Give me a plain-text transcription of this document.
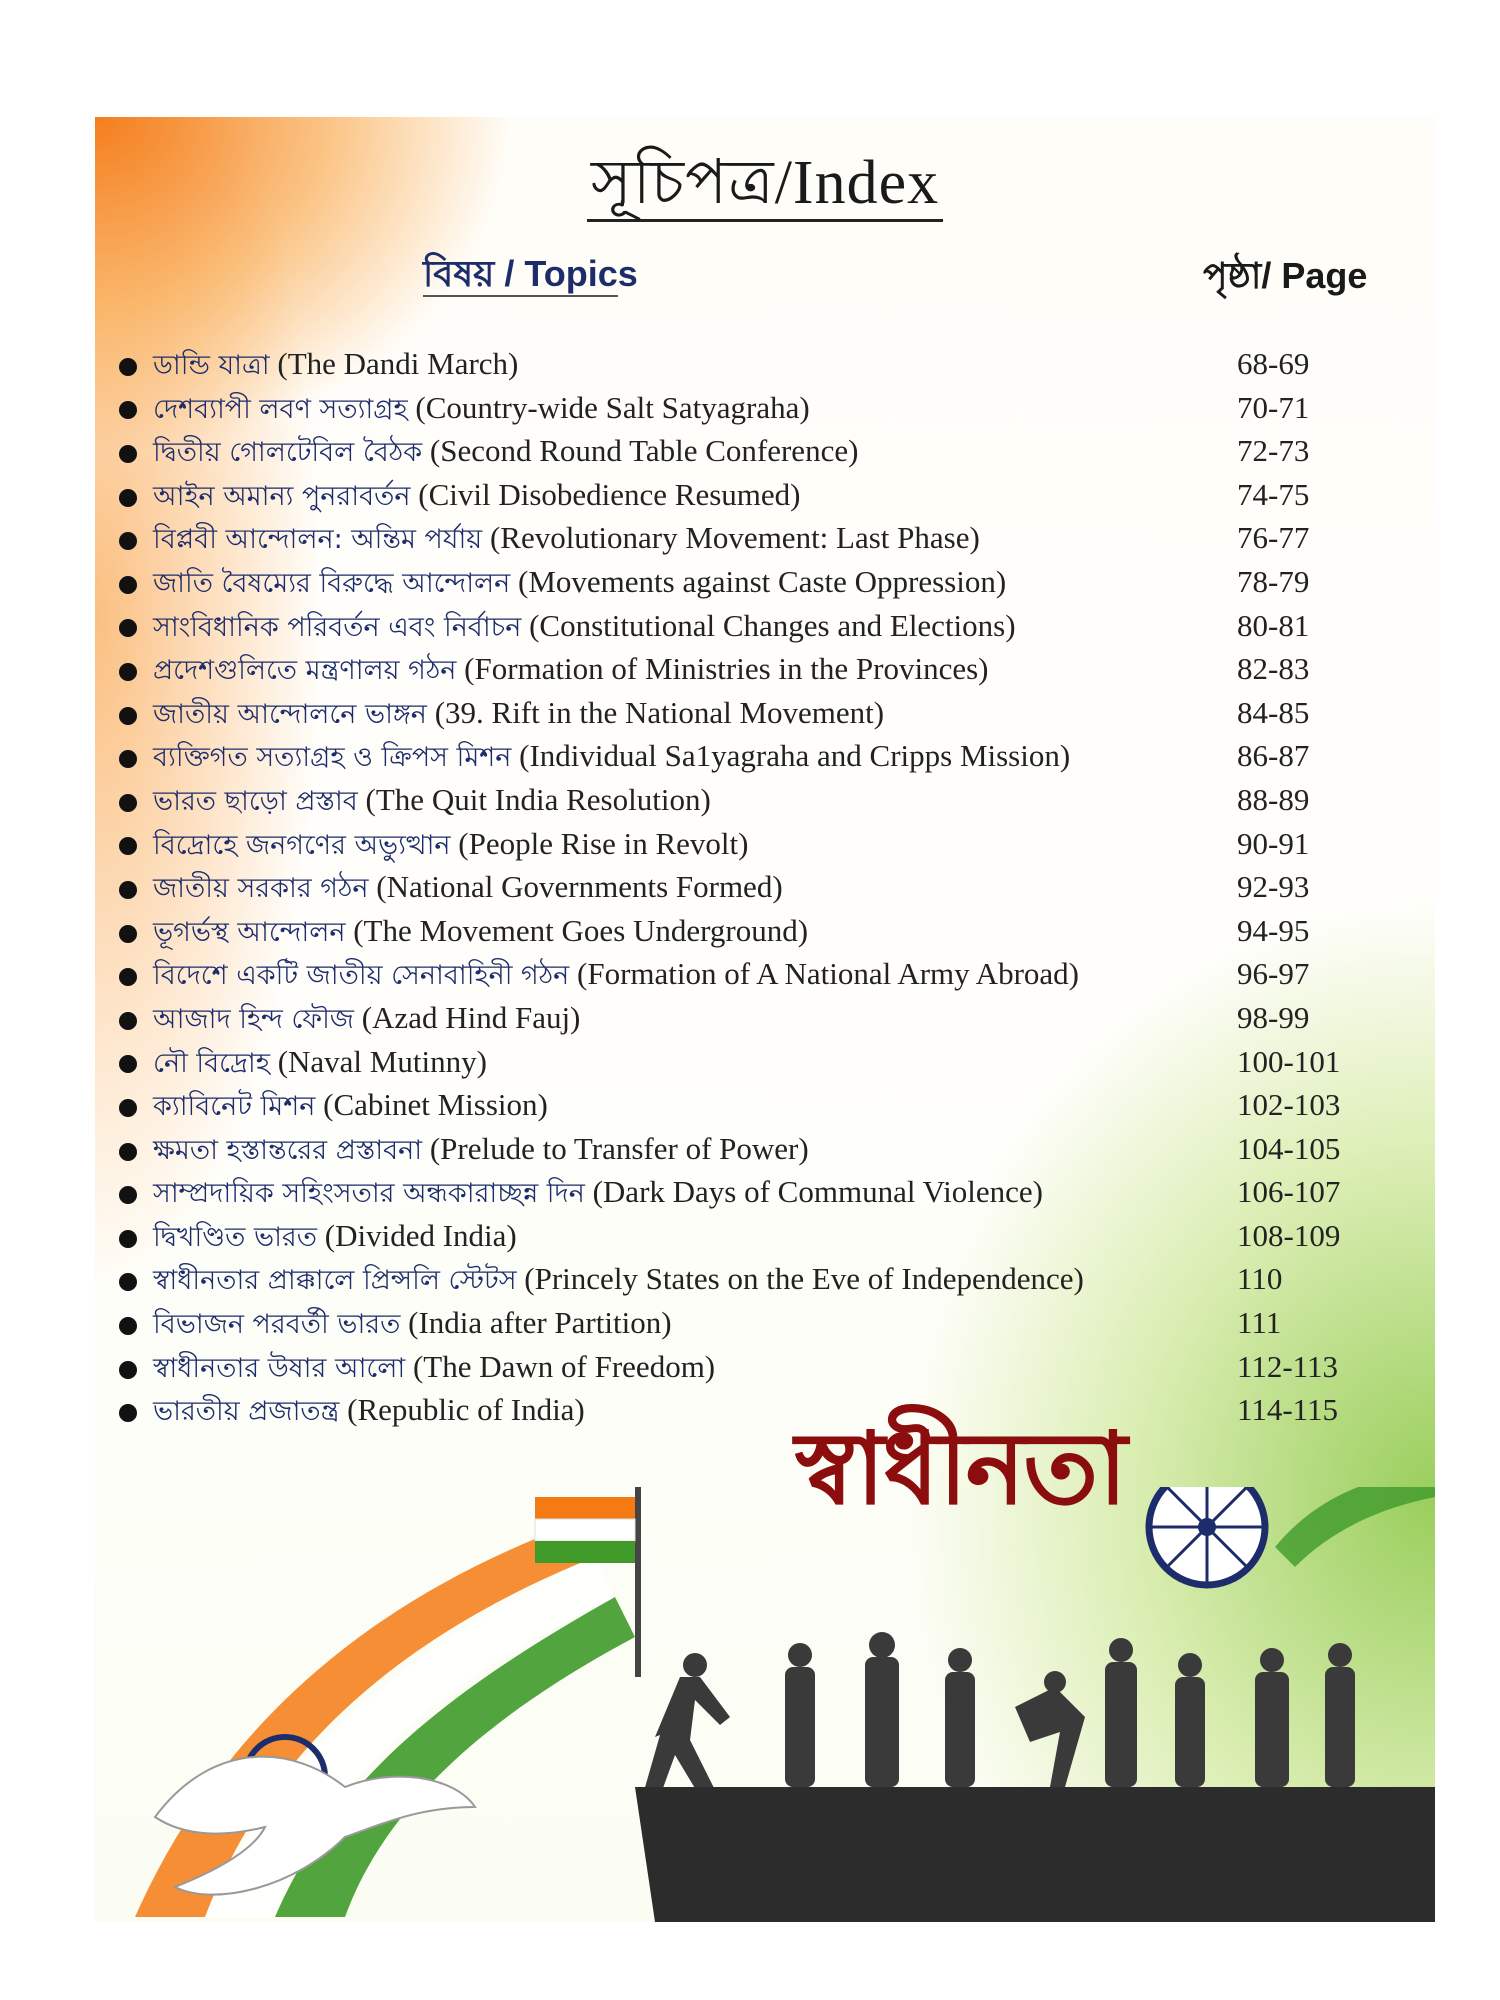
সূচিপত্র/Index
বিষয় / Topics	পৃষ্ঠা/ Page
ডান্ডি যাত্রা (The Dandi March)	68-69
দেশব্যাপী লবণ সত্যাগ্রহ (Country-wide Salt Satyagraha)	70-71
দ্বিতীয় গোলটেবিল বৈঠক (Second Round Table Conference)	72-73
আইন অমান্য পুনরাবর্তন (Civil Disobedience Resumed)	74-75
বিপ্লবী আন্দোলন: অন্তিম পর্যায় (Revolutionary Movement: Last Phase)	76-77
জাতি বৈষম্যের বিরুদ্ধে আন্দোলন (Movements against Caste Oppression)	78-79
সাংবিধানিক পরিবর্তন এবং নির্বাচন (Constitutional Changes and Elections)	80-81
প্রদেশগুলিতে মন্ত্রণালয় গঠন (Formation of Ministries in the Provinces)	82-83
জাতীয় আন্দোলনে ভাঙ্গন (39. Rift in the National Movement)	84-85
ব্যক্তিগত সত্যাগ্রহ ও ক্রিপস মিশন (Individual Sa1yagraha and Cripps Mission)	86-87
ভারত ছাড়ো প্রস্তাব (The Quit India Resolution)	88-89
বিদ্রোহে জনগণের অভ্যুত্থান (People Rise in Revolt)	90-91
জাতীয় সরকার গঠন (National Governments Formed)	92-93
ভূগর্ভস্থ আন্দোলন (The Movement Goes Underground)	94-95
বিদেশে একটি জাতীয় সেনাবাহিনী গঠন (Formation of A National Army Abroad)	96-97
আজাদ হিন্দ ফৌজ (Azad Hind Fauj)	98-99
নৌ বিদ্রোহ (Naval Mutinny)	100-101
ক্যাবিনেট মিশন (Cabinet Mission)	102-103
ক্ষমতা হস্তান্তরের প্রস্তাবনা (Prelude to Transfer of Power)	104-105
সাম্প্রদায়িক সহিংসতার অন্ধকারাচ্ছন্ন দিন (Dark Days of Communal Violence)	106-107
দ্বিখণ্ডিত ভারত (Divided India)	108-109
স্বাধীনতার প্রাক্কালে প্রিন্সলি স্টেটস (Princely States on the Eve of Independence)	110
বিভাজন পরবর্তী ভারত (India after Partition)	111
স্বাধীনতার উষার আলো (The Dawn of Freedom)	112-113
ভারতীয় প্রজাতন্ত্র (Republic of India)	114-115
স্বাধীনতা
